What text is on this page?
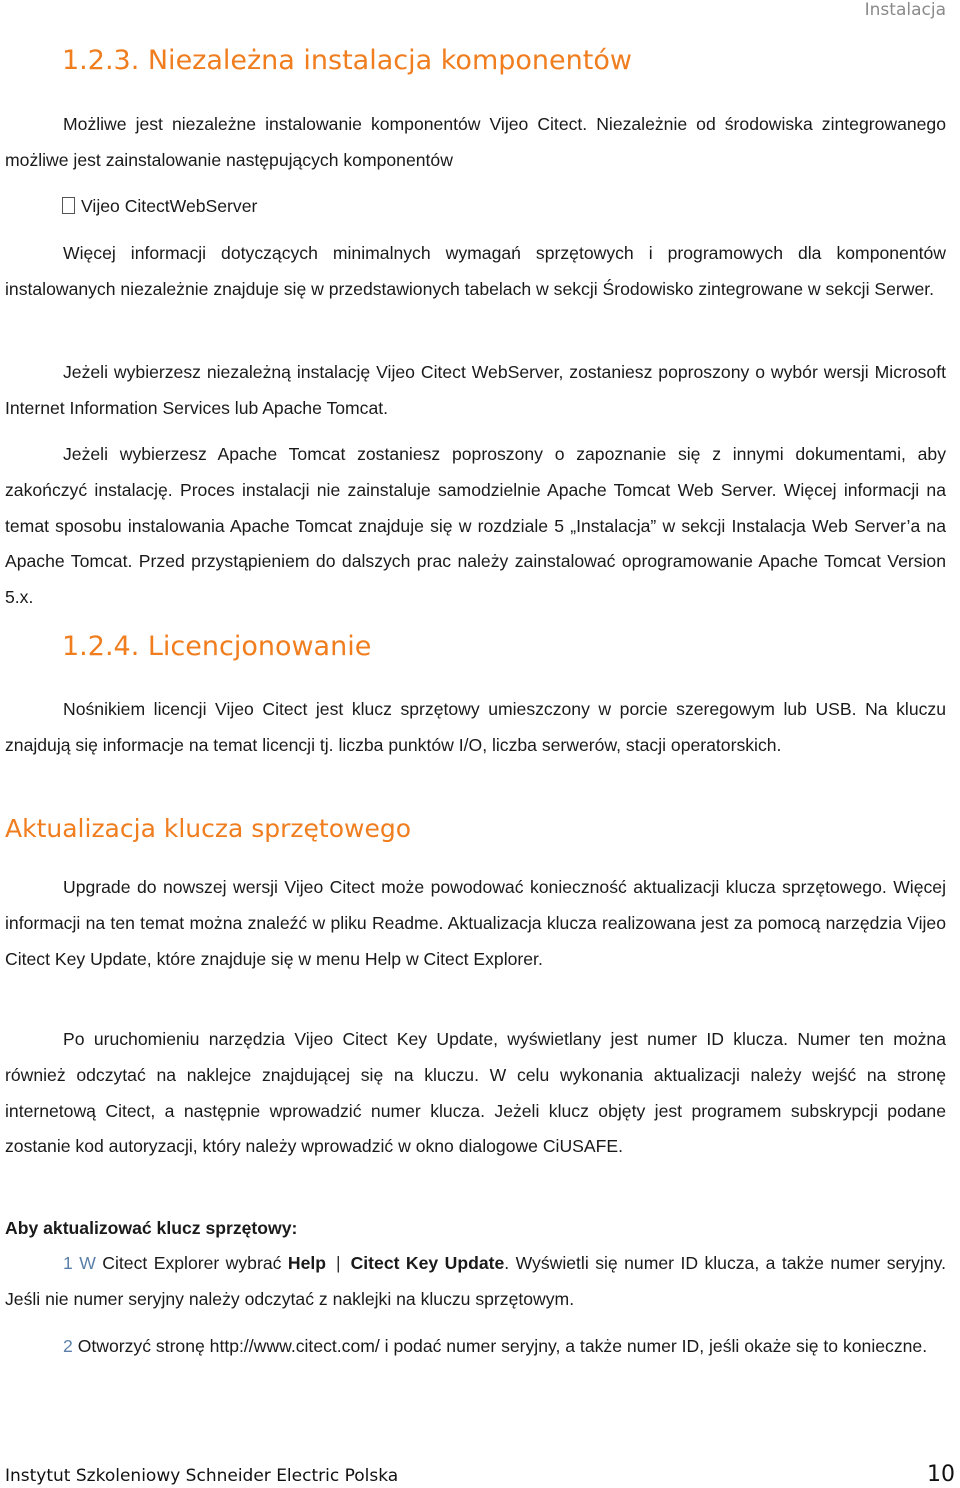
Instalacja
1.2.3. Niezależna instalacja komponentów

Możliwe jest niezależne instalowanie komponentów Vijeo Citect. Niezależnie od środowiska zintegrowanego możliwe jest zainstalowanie następujących komponentów

Vijeo CitectWebServer

Więcej informacji dotyczących minimalnych wymagań sprzętowych i programowych dla komponentów instalowanych niezależnie znajduje się w przedstawionych tabelach w sekcji Środowisko zintegrowane w sekcji Serwer.

Jeżeli wybierzesz niezależną instalację Vijeo Citect WebServer, zostaniesz poproszony o wybór wersji Microsoft Internet Information Services lub Apache Tomcat.

Jeżeli wybierzesz Apache Tomcat zostaniesz poproszony o zapoznanie się z innymi dokumentami, aby zakończyć instalację. Proces instalacji nie zainstaluje samodzielnie Apache Tomcat Web Server. Więcej informacji na temat sposobu instalowania Apache Tomcat znajduje się w rozdziale 5 „Instalacja” w sekcji Instalacja Web Server’a na Apache Tomcat. Przed przystąpieniem do dalszych prac należy zainstalować oprogramowanie Apache Tomcat Version 5.x.

1.2.4. Licencjonowanie

Nośnikiem licencji Vijeo Citect jest klucz sprzętowy umieszczony w porcie szeregowym lub USB. Na kluczu znajdują się informacje na temat licencji tj. liczba punktów I/O, liczba serwerów, stacji operatorskich.

Aktualizacja klucza sprzętowego

Upgrade do nowszej wersji Vijeo Citect może powodować konieczność aktualizacji klucza sprzętowego. Więcej informacji na ten temat można znaleźć w pliku Readme. Aktualizacja klucza realizowana jest za pomocą narzędzia Vijeo Citect Key Update, które znajduje się w menu Help w Citect Explorer.

Po uruchomieniu narzędzia Vijeo Citect Key Update, wyświetlany jest numer ID klucza. Numer ten można również odczytać na naklejce znajdującej się na kluczu. W celu wykonania aktualizacji należy wejść na stronę internetową Citect, a następnie wprowadzić numer klucza. Jeżeli klucz objęty jest programem subskrypcji podane zostanie kod autoryzacji, który należy wprowadzić w okno dialogowe CiUSAFE.

Aby aktualizować klucz sprzętowy:

1 W Citect Explorer wybrać Help | Citect Key Update. Wyświetli się numer ID klucza, a także numer seryjny. Jeśli nie numer seryjny należy odczytać z naklejki na kluczu sprzętowym.

2 Otworzyć stronę http://www.citect.com/ i podać numer seryjny, a także numer ID, jeśli okaże się to konieczne.

Instytut Szkoleniowy Schneider Electric Polska	10
